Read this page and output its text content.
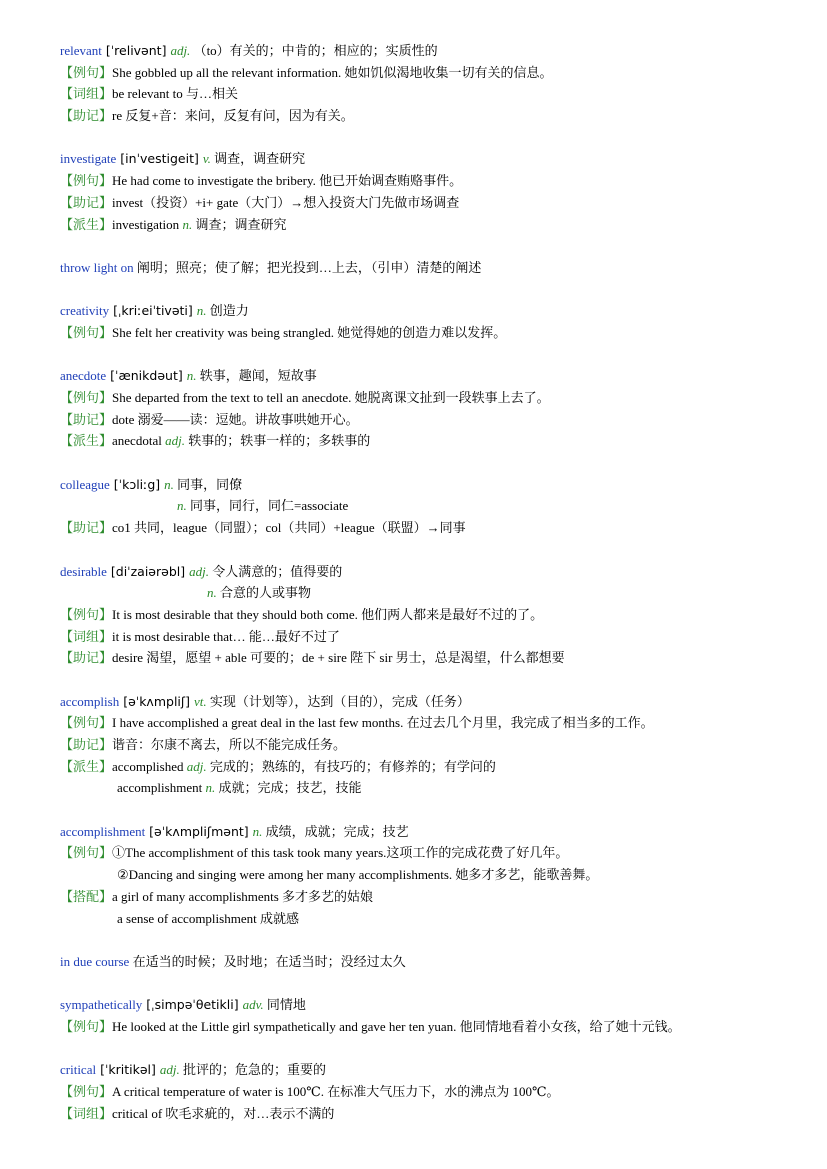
relevant [ˈrelivənt] adj. （to）有关的；中肯的；相应的；实质性的
【例句】She gobbled up all the relevant information. 她如饥似渴地收集一切有关的信息。
【词组】be relevant to 与…相关
【助记】re 反复+音：来问，反复有问，因为有关。
investigate [inˈvestigeit] v. 调查，调查研究
【例句】He had come to investigate the bribery. 他已开始调查贿赂事件。
【助记】invest（投资）+i+ gate（大门）→想入投资大门先做市场调查
【派生】investigation n. 调查；调查研究
throw light on 阐明；照亮；使了解；把光投到…上去，（引申）清楚的阐述
creativity [ˌkriːeiˈtivəti] n. 创造力
【例句】She felt her creativity was being strangled. 她觉得她的创造力难以发挥。
anecdote [ˈænikdəut] n. 轶事，趣闻，短故事
【例句】She departed from the text to tell an anecdote. 她脱离课文扯到一段轶事上去了。
【助记】dote 溺爱——读：逗她。讲故事哄她开心。
【派生】anecdotal adj. 轶事的；轶事一样的；多轶事的
colleague [ˈkɔliːg] n. 同事，同僚
n. 同事，同行，同仁=associate
【助记】co1 共同，league（同盟）；col（共同）+league（联盟）→同事
desirable [diˈzaiərəbl] adj. 令人满意的；值得要的
n. 合意的人或事物
【例句】It is most desirable that they should both come. 他们两人都来是最好不过的了。
【词组】it is most desirable that… 能…最好不过了
【助记】desire 渴望，愿望 + able 可要的；de + sire 陛下 sir 男士，总是渴望，什么都想要
accomplish [əˈkʌmpliʃ] vt. 实现（计划等），达到（目的），完成（任务）
【例句】I have accomplished a great deal in the last few months. 在过去几个月里，我完成了相当多的工作。
【助记】谐音：尔康不离去，所以不能完成任务。
【派生】accomplished adj. 完成的；熟练的，有技巧的；有修养的；有学问的
accomplishment n. 成就；完成；技艺，技能
accomplishment [əˈkʌmpliʃmənt] n. 成绩，成就；完成；技艺
【例句】①The accomplishment of this task took many years.这项工作的完成花费了好几年。
②Dancing and singing were among her many accomplishments. 她多才多艺，能歌善舞。
【搭配】a girl of many accomplishments 多才多艺的姑娘
a sense of accomplishment 成就感
in due course 在适当的时候；及时地；在适当时；没经过太久
sympathetically [ˌsimpəˈθetikli] adv. 同情地
【例句】He looked at the Little girl sympathetically and gave her ten yuan. 他同情地看着小女孩，给了她十元钱。
critical [ˈkritikəl] adj. 批评的；危急的；重要的
【例句】A critical temperature of water is 100℃. 在标准大气压力下，水的沸点为 100℃。
【词组】critical of 吹毛求疵的，对…表示不满的
